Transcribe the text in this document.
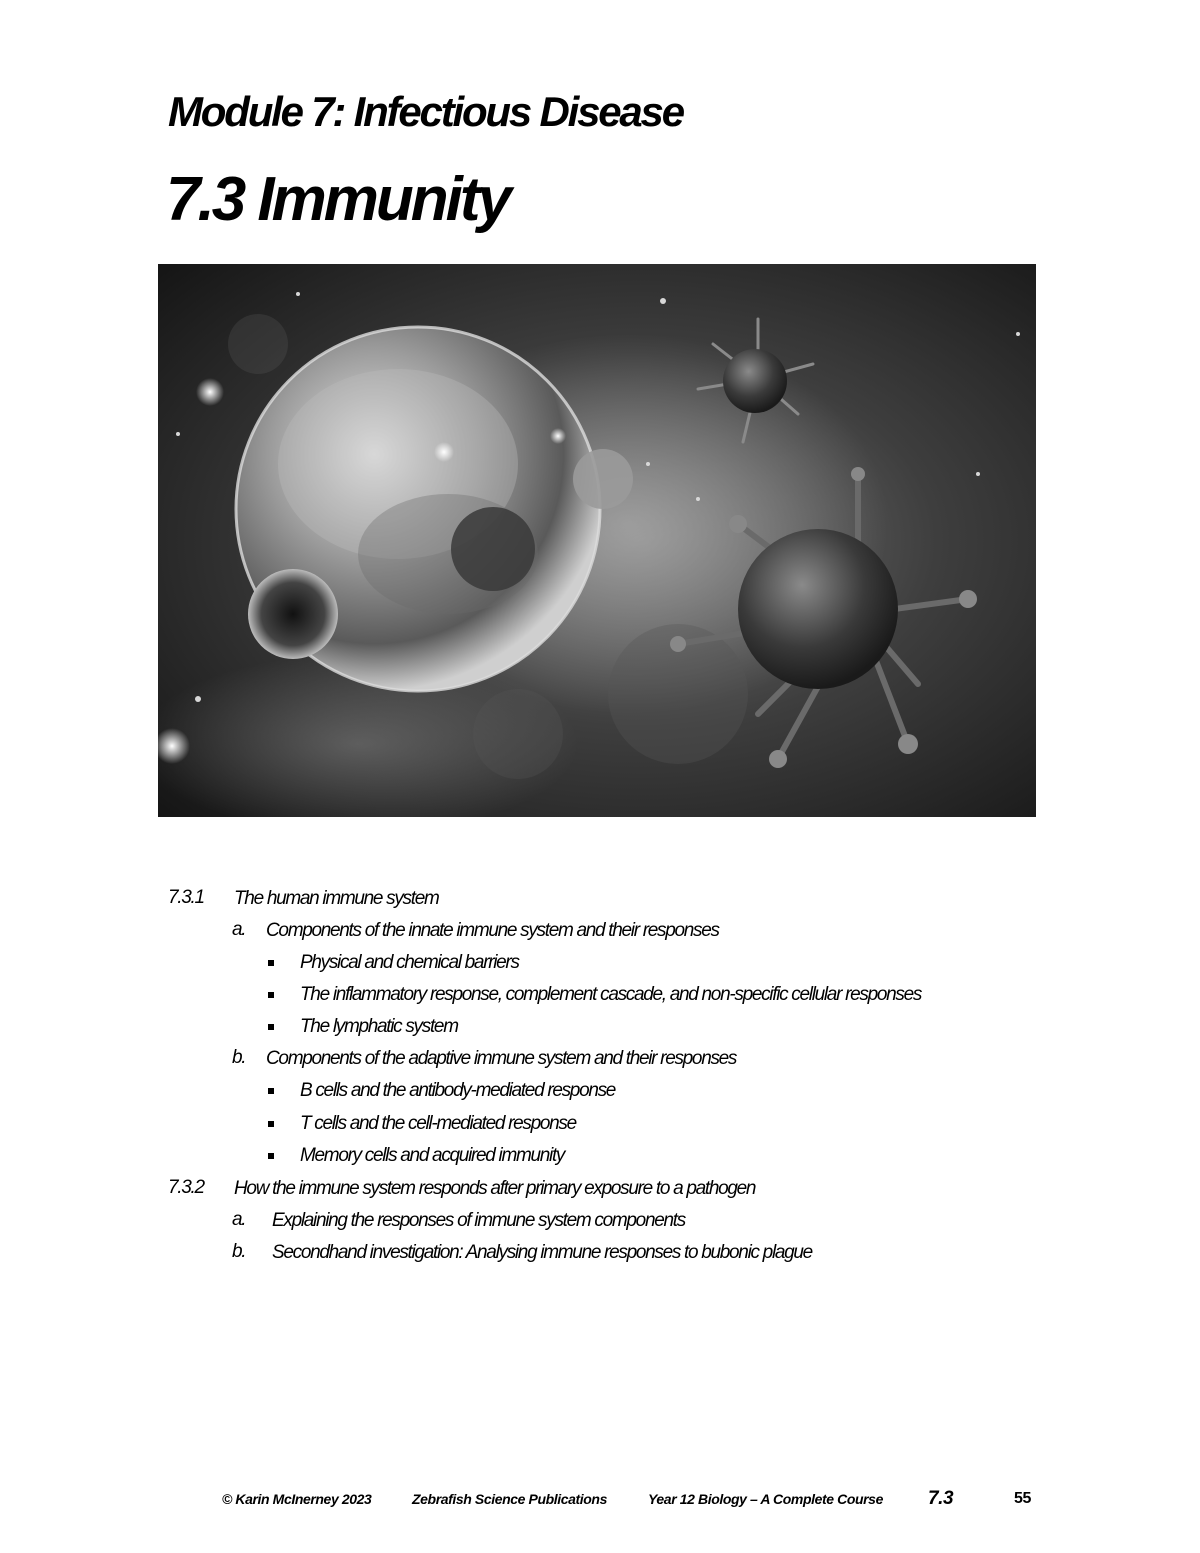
Module 7: Infectious Disease
7.3 Immunity
7.3.1 The human immune system
a. Components of the innate immune system and their responses
Physical and chemical barriers
The inflammatory response, complement cascade, and non-specific cellular responses
The lymphatic system
b. Components of the adaptive immune system and their responses
B cells and the antibody-mediated response
T cells and the cell-mediated response
Memory cells and acquired immunity
7.3.2 How the immune system responds after primary exposure to a pathogen
a. Explaining the responses of immune system components
b. Secondhand investigation: Analysing immune responses to bubonic plague
© Karin McInerney 2023	Zebrafish Science Publications	Year 12 Biology – A Complete Course 7.3	55
